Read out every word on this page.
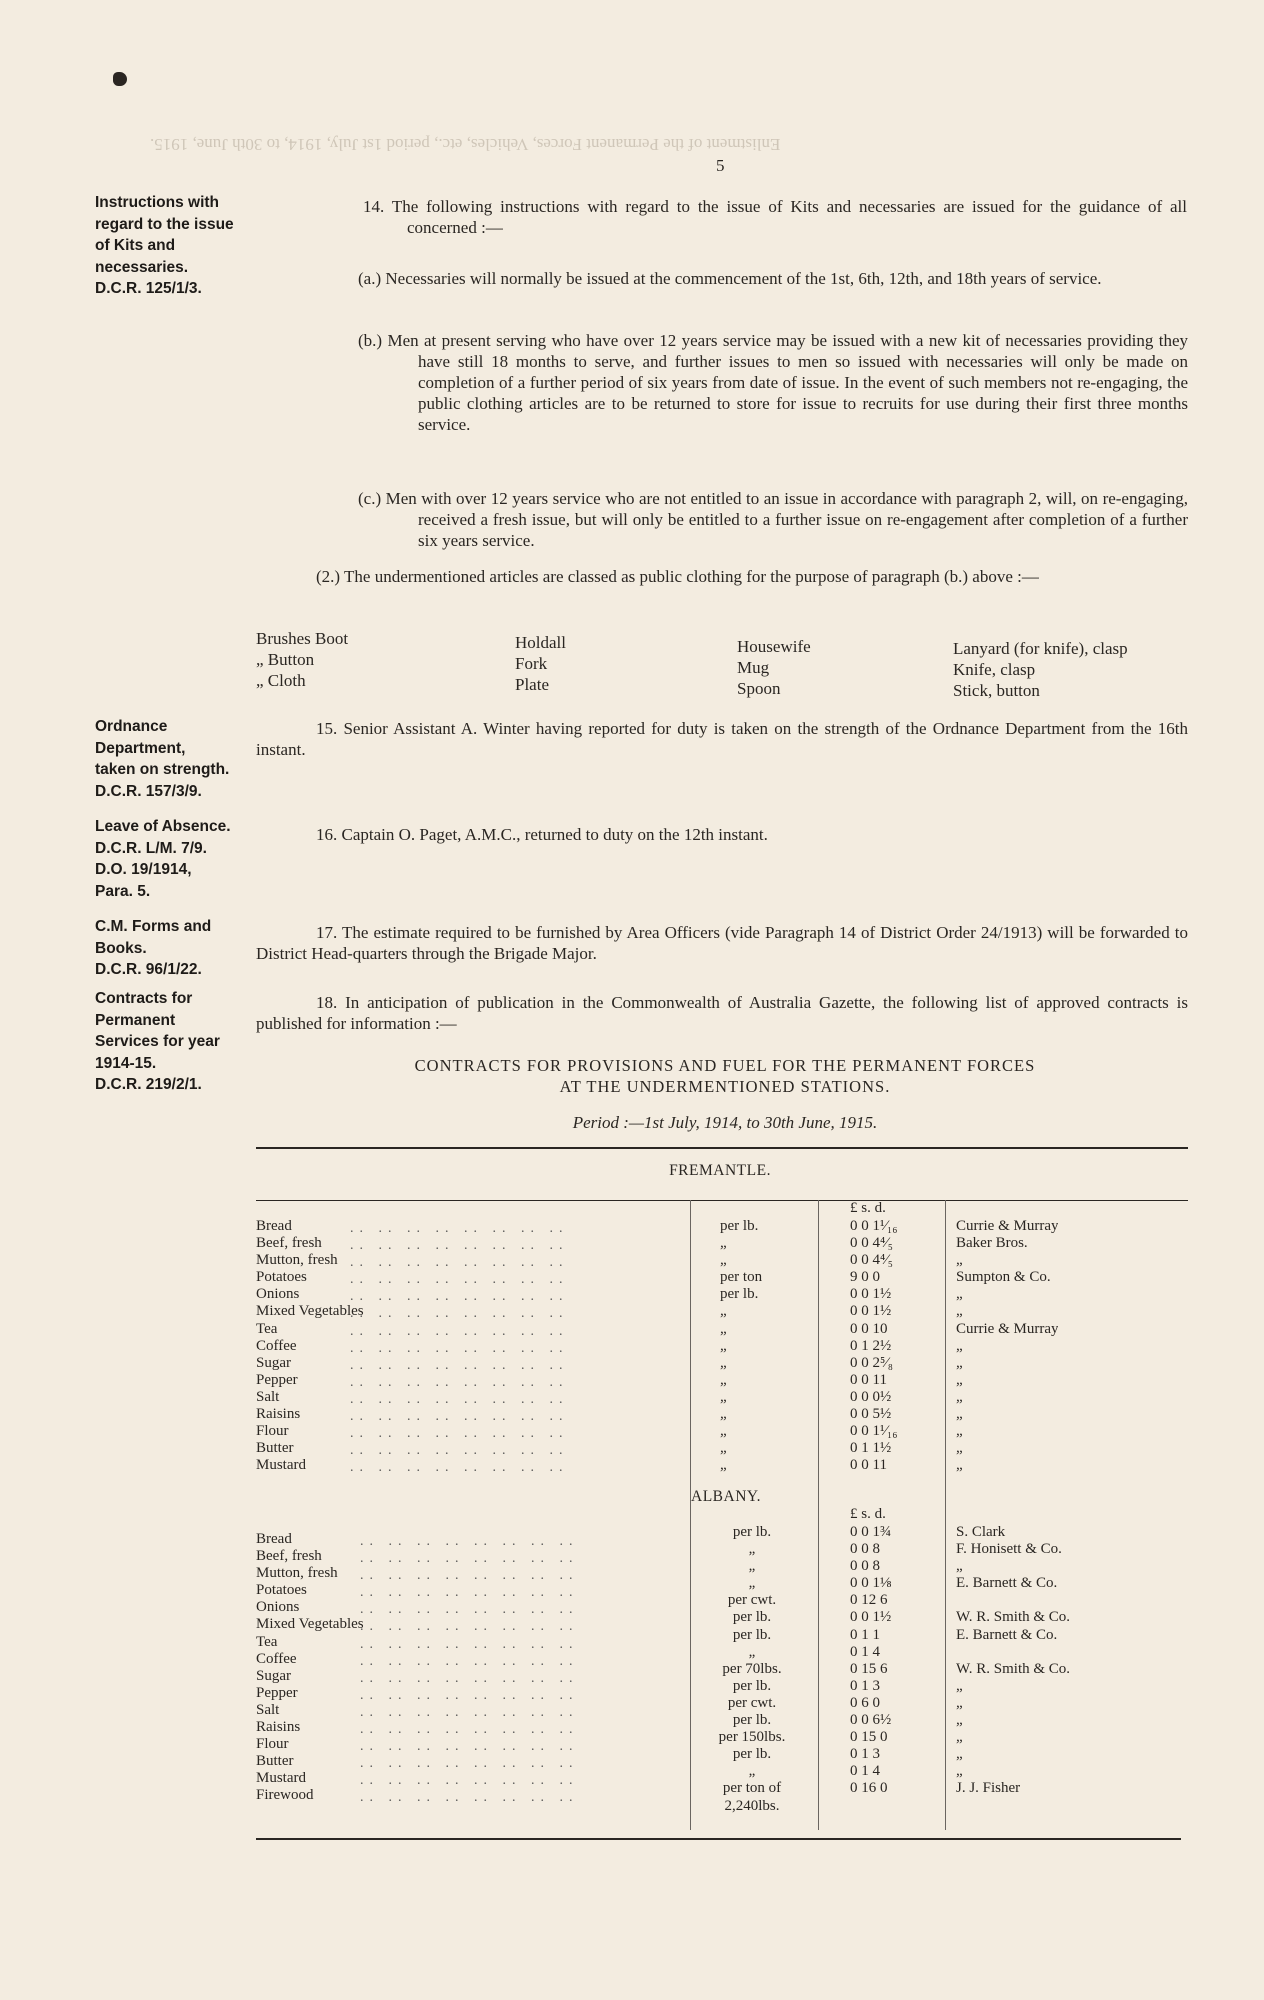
Enlistment of the Permanent Forces, Vehicles, etc., period 1st July, 1914, to 30th June, 1915.
5
Instructions with
regard to the issue
of Kits and
necessaries.
D.C.R. 125/1/3.
Ordnance
Department,
taken on strength.
D.C.R. 157/3/9.
Leave of Absence.
D.C.R. L/M. 7/9.
D.O. 19/1914,
Para. 5.
C.M. Forms and
Books.
D.C.R. 96/1/22.
Contracts for
Permanent
Services for year
1914-15.
D.C.R. 219/2/1.
14. The following instructions with regard to the issue of Kits and necessaries are issued for the guidance of all concerned :—
(a.) Necessaries will normally be issued at the commencement of the 1st, 6th, 12th, and 18th years of service.
(b.) Men at present serving who have over 12 years service may be issued with a new kit of necessaries providing they have still 18 months to serve, and further issues to men so issued with necessaries will only be made on completion of a further period of six years from date of issue. In the event of such members not re-engaging, the public clothing articles are to be returned to store for issue to recruits for use during their first three months service.
(c.) Men with over 12 years service who are not entitled to an issue in accordance with paragraph 2, will, on re-engaging, received a fresh issue, but will only be entitled to a further issue on re-engagement after completion of a further six years service.
(2.) The undermentioned articles are classed as public clothing for the purpose of paragraph (b.) above :—
Brushes Boot
„ Button
„ Cloth
Holdall
Fork
Plate
Housewife
Mug
Spoon
Lanyard (for knife), clasp
Knife, clasp
Stick, button
15. Senior Assistant A. Winter having reported for duty is taken on the strength of the Ordnance Department from the 16th instant.
16. Captain O. Paget, A.M.C., returned to duty on the 12th instant.
17. The estimate required to be furnished by Area Officers (vide Paragraph 14 of District Order 24/1913) will be forwarded to District Head-quarters through the Brigade Major.
18. In anticipation of publication in the Commonwealth of Australia Gazette, the following list of approved contracts is published for information :—
CONTRACTS FOR PROVISIONS AND FUEL FOR THE PERMANENT FORCES
AT THE UNDERMENTIONED STATIONS.
Period :—1st July, 1914, to 30th June, 1915.
FREMANTLE.
£ s. d.
Bread
Beef, fresh
Mutton, fresh
Potatoes
Onions
Mixed Vegetables
Tea
Coffee
Sugar
Pepper
Salt
Raisins
Flour
Butter
Mustard
.. .. .. .. .. .. .. ..
.. .. .. .. .. .. .. ..
.. .. .. .. .. .. .. ..
.. .. .. .. .. .. .. ..
.. .. .. .. .. .. .. ..
.. .. .. .. .. .. .. ..
.. .. .. .. .. .. .. ..
.. .. .. .. .. .. .. ..
.. .. .. .. .. .. .. ..
.. .. .. .. .. .. .. ..
.. .. .. .. .. .. .. ..
.. .. .. .. .. .. .. ..
.. .. .. .. .. .. .. ..
.. .. .. .. .. .. .. ..
.. .. .. .. .. .. .. ..
per lb.
„
„
per ton
per lb.
„
„
„
„
„
„
„
„
„
„
0 0 1¹⁄₁₆
0 0 4⁴⁄₅
0 0 4⁴⁄₅
9 0 0
0 0 1½
0 0 1½
0 0 10
0 1 2½
0 0 2⁵⁄₈
0 0 11
0 0 0½
0 0 5½
0 0 1¹⁄₁₆
0 1 1½
0 0 11
Currie & Murray
Baker Bros.
„
Sumpton & Co.
„
„
Currie & Murray
„
„
„
„
„
„
„
„
ALBANY.
£ s. d.
Bread
Beef, fresh
Mutton, fresh
Potatoes
Onions
Mixed Vegetables
Tea
Coffee
Sugar
Pepper
Salt
Raisins
Flour
Butter
Mustard
Firewood
.. .. .. .. .. .. .. ..
.. .. .. .. .. .. .. ..
.. .. .. .. .. .. .. ..
.. .. .. .. .. .. .. ..
.. .. .. .. .. .. .. ..
.. .. .. .. .. .. .. ..
.. .. .. .. .. .. .. ..
.. .. .. .. .. .. .. ..
.. .. .. .. .. .. .. ..
.. .. .. .. .. .. .. ..
.. .. .. .. .. .. .. ..
.. .. .. .. .. .. .. ..
.. .. .. .. .. .. .. ..
.. .. .. .. .. .. .. ..
.. .. .. .. .. .. .. ..
.. .. .. .. .. .. .. ..
per lb.
„
„
„
per cwt.
per lb.
per lb.
„
per 70lbs.
per lb.
per cwt.
per lb.
per 150lbs.
per lb.
„
per ton of
2,240lbs.
0 0 1¾
0 0 8
0 0 8
0 0 1⅛
0 12 6
0 0 1½
0 1 1
0 1 4
0 15 6
0 1 3
0 6 0
0 0 6½
0 15 0
0 1 3
0 1 4
0 16 0
S. Clark
F. Honisett & Co.
„
E. Barnett & Co.
W. R. Smith & Co.
E. Barnett & Co.
W. R. Smith & Co.
„
„
„
„
„
„
J. J. Fisher
